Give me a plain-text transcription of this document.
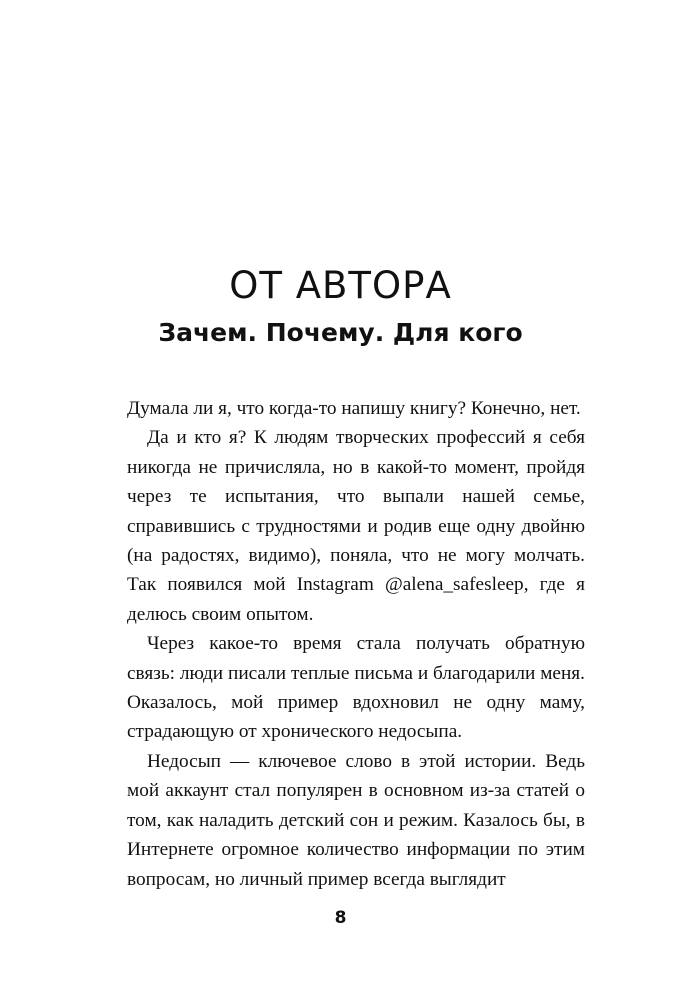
ОТ АВТОРА
Зачем. Почему. Для кого

Думала ли я, что когда-то напишу книгу? Конечно, нет.

Да и кто я? К людям творческих профессий я себя никогда не причисляла, но в какой-то момент, пройдя через те испытания, что выпали нашей семье, справившись с трудностями и родив еще одну двойню (на радостях, видимо), поняла, что не могу молчать. Так появился мой Instagram @alena_safesleep, где я делюсь своим опытом.

Через какое-то время стала получать обратную связь: люди писали теплые письма и благодарили меня. Оказалось, мой пример вдохновил не одну маму, страдающую от хронического недосыпа.

Недосып — ключевое слово в этой истории. Ведь мой аккаунт стал популярен в основном из-за статей о том, как наладить детский сон и режим. Казалось бы, в Интернете огромное количество информации по этим вопросам, но личный пример всегда выглядит

8
